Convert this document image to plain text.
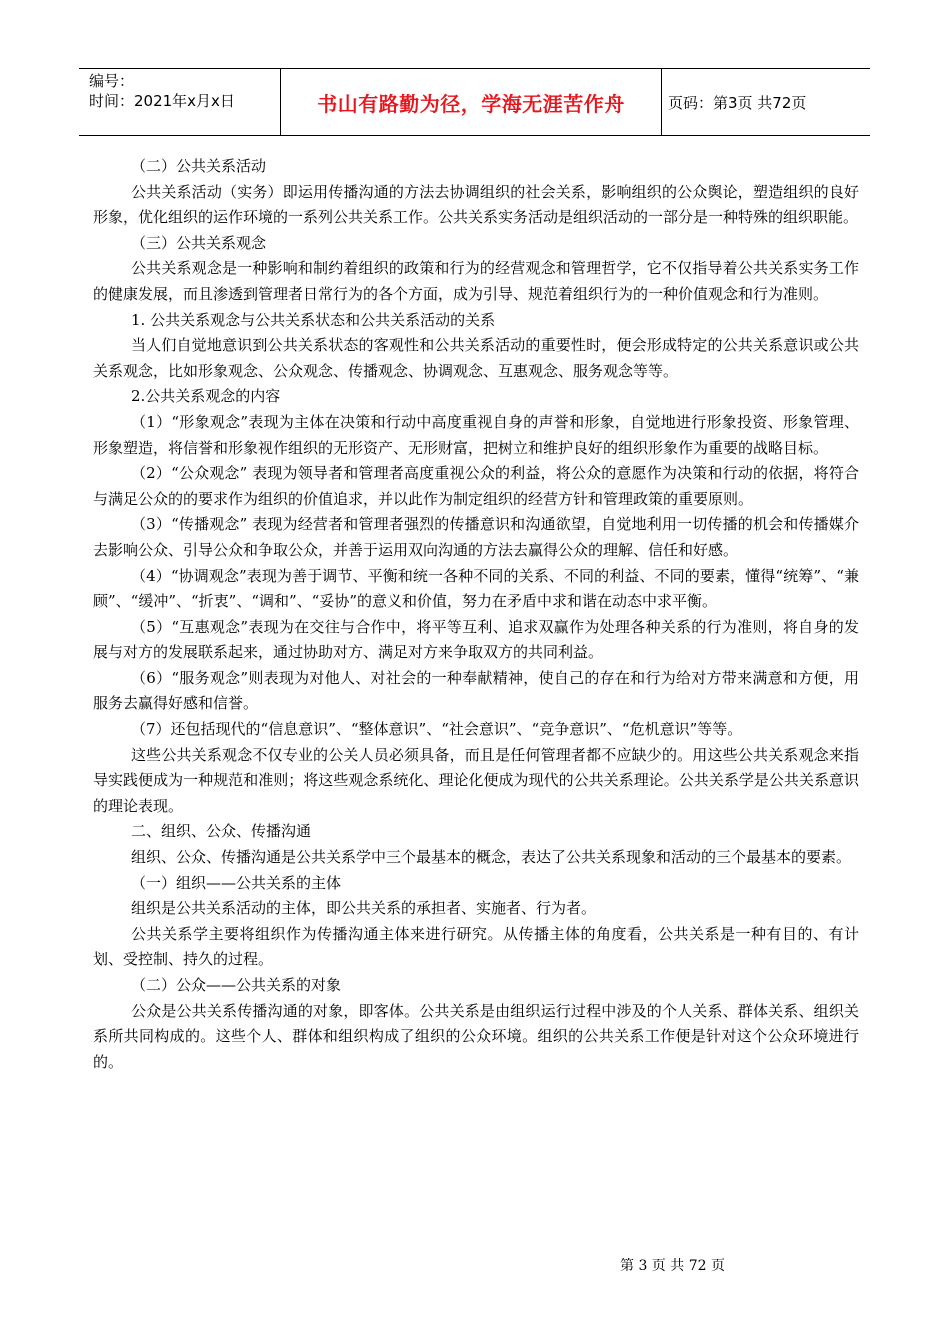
编号：
时间：2021年x月x日	书山有路勤为径，学海无涯苦作舟	页码：第3页 共72页

（二）公共关系活动

公共关系活动（实务）即运用传播沟通的方法去协调组织的社会关系，影响组织的公众舆论，塑造组织的良好形象，优化组织的运作环境的一系列公共关系工作。公共关系实务活动是组织活动的一部分是一种特殊的组织职能。

（三）公共关系观念

公共关系观念是一种影响和制约着组织的政策和行为的经营观念和管理哲学，它不仅指导着公共关系实务工作的健康发展，而且渗透到管理者日常行为的各个方面，成为引导、规范着组织行为的一种价值观念和行为准则。

1. 公共关系观念与公共关系状态和公共关系活动的关系

当人们自觉地意识到公共关系状态的客观性和公共关系活动的重要性时，便会形成特定的公共关系意识或公共关系观念，比如形象观念、公众观念、传播观念、协调观念、互惠观念、服务观念等等。

2.公共关系观念的内容

（1）“形象观念”表现为主体在决策和行动中高度重视自身的声誉和形象，自觉地进行形象投资、形象管理、形象塑造，将信誉和形象视作组织的无形资产、无形财富，把树立和维护良好的组织形象作为重要的战略目标。

（2）“公众观念” 表现为领导者和管理者高度重视公众的利益，将公众的意愿作为决策和行动的依据，将符合与满足公众的的要求作为组织的价值追求，并以此作为制定组织的经营方针和管理政策的重要原则。

（3）“传播观念” 表现为经营者和管理者强烈的传播意识和沟通欲望，自觉地利用一切传播的机会和传播媒介去影响公众、引导公众和争取公众，并善于运用双向沟通的方法去赢得公众的理解、信任和好感。

（4）“协调观念”表现为善于调节、平衡和统一各种不同的关系、不同的利益、不同的要素，懂得“统筹”、“兼顾”、“缓冲”、“折衷”、“调和”、“妥协”的意义和价值，努力在矛盾中求和谐在动态中求平衡。

（5）“互惠观念”表现为在交往与合作中，将平等互利、追求双赢作为处理各种关系的行为准则，将自身的发展与对方的发展联系起来，通过协助对方、满足对方来争取双方的共同利益。

（6）“服务观念”则表现为对他人、对社会的一种奉献精神，使自己的存在和行为给对方带来满意和方便，用服务去赢得好感和信誉。

（7）还包括现代的“信息意识”、“整体意识”、“社会意识”、“竞争意识”、“危机意识”等等。

这些公共关系观念不仅专业的公关人员必须具备，而且是任何管理者都不应缺少的。用这些公共关系观念来指导实践便成为一种规范和准则；将这些观念系统化、理论化便成为现代的公共关系理论。公共关系学是公共关系意识的理论表现。

二、组织、公众、传播沟通

组织、公众、传播沟通是公共关系学中三个最基本的概念，表达了公共关系现象和活动的三个最基本的要素。

（一）组织——公共关系的主体

组织是公共关系活动的主体，即公共关系的承担者、实施者、行为者。

公共关系学主要将组织作为传播沟通主体来进行研究。从传播主体的角度看，公共关系是一种有目的、有计划、受控制、持久的过程。

（二）公众——公共关系的对象

公众是公共关系传播沟通的对象，即客体。公共关系是由组织运行过程中涉及的个人关系、群体关系、组织关系所共同构成的。这些个人、群体和组织构成了组织的公众环境。组织的公共关系工作便是针对这个公众环境进行的。

第 3 页 共 72 页
